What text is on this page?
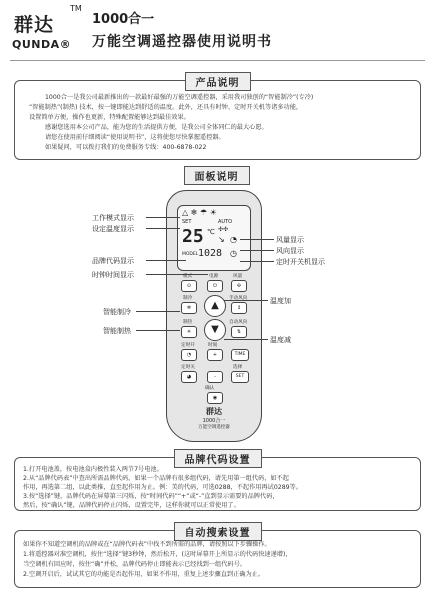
群达
TM
QUNDA®
1000合一
万能空调遥控器使用说明书
产品说明
1000合一是我公司最新推出的一款最好最强的万能空调遥控器，采用我司独创的“智能制冷”(专冷)
“智能制热”(制热) 技术，按一键即能达到舒适的温度。此外，还具有时钟、定时开关机等诸多功能，
设置简单方便，操作也更新，特殊配置能够达到最佳效果。
感谢您选用本公司产品，能为您的生活提供方便，是我公司全体同仁的最大心愿。
请您在使用前仔细阅读“使用说明书”，这将使您尽快掌握遥控器。
如果疑问，可以拨打我们的免费服务专线：400-6878-022
面板说明
△ ❄ ☂ ☀
AUTO
SET
✣✣
25 ℃
↘ ◔
MODEL 1028 ◷
模式
⊙
电源
⏻
风量
✣
制冷
❄	▲
手动风向
↕
制热
☀	▼
自动风向
⇅
定时开
◔
时间
+	TIME
定时关
◕	-
选择
SET
确认
◉
群达
1000合一
万能空调遥控器
工作模式显示
设定温度显示
品牌代码显示
时钟时间显示
智能制冷
智能制热
风量显示
风向显示
定时开关机显示
温度加
温度减
品牌代码设置
1.打开电池盖，按电池盒内极性装入两节7号电池。
2.从“品牌代码表”中查出所需品牌代码，如果一个品牌有很多组代码，请先用第一组代码，如不起
作用，再选第二组，以此类推，直至起作用为止。例：美的代码，可选0288，不起作用再试0289等。
3.按“选择”键，品牌代码在屏幕第三闪烁，按“时间代码”“+”或“-”直到显示需要的品牌代码，
然后，按“确认”键，品牌代码停止闪烁，设置完毕，这样你就可以正常使用了。
自动搜索设置
如果你不知道空调机的品牌或在“品牌代码表”中找不到所需的品牌，请按照以下步骤操作。
1.将遥控器对准空调机，按住“选择”键3秒钟，然后松开，(这时屏幕开上所显示的代码快速递增)，
当空调机有回应时，按住“确”并松，品牌代码停止即能表示已经找到一组代码号。
2.空调开启后，试试其它的功能是否起作用，如果不作用，重复上述步骤直到正确为止。
